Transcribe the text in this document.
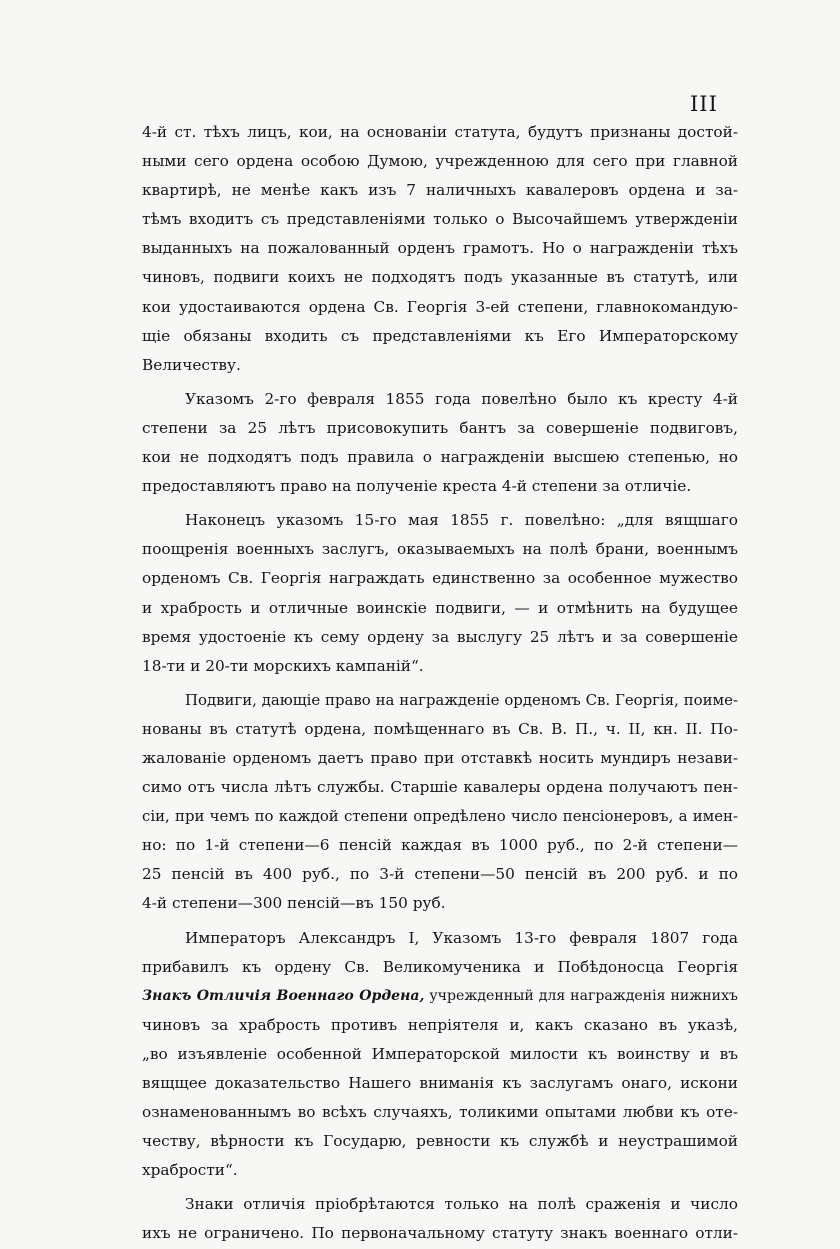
III
4-й ст. тѣхъ лицъ, кои, на основаніи статута, будутъ признаны достой-
ными сего ордена особою Думою, учрежденною для сего при главной
квартирѣ, не менѣе какъ изъ 7 наличныхъ кавалеровъ ордена и за-
тѣмъ входитъ съ представленіями только о Высочайшемъ утвержденіи
выданныхъ на пожалованный орденъ грамотъ. Но о награжденіи тѣхъ
чиновъ, подвиги коихъ не подходятъ подъ указанные въ статутѣ, или
кои удостаиваются ордена Св. Георгія 3-ей степени, главнокомандую-
щіе обязаны входить съ представленіями къ Его Императорскому
Величеству.
Указомъ 2-го февраля 1855 года повелѣно было къ кресту 4-й
степени за 25 лѣтъ присовокупить бантъ за совершеніе подвиговъ,
кои не подходятъ подъ правила о награжденіи высшею степенью, но
предоставляютъ право на полученіе креста 4-й степени за отличіе.
Наконецъ указомъ 15-го мая 1855 г. повелѣно: „для вящшаго
поощренія военныхъ заслугъ, оказываемыхъ на полѣ брани, военнымъ
орденомъ Св. Георгія награждать единственно за особенное мужество
и храбрость и отличные воинскіе подвиги, — и отмѣнить на будущее
время удостоеніе къ сему ордену за выслугу 25 лѣтъ и за совершеніе
18-ти и 20-ти морскихъ кампаній“.
Подвиги, дающіе право на награжденіе орденомъ Св. Георгія, поиме-
нованы въ статутѣ ордена, помѣщеннаго въ Св. В. П., ч. II, кн. II. По-
жалованіе орденомъ даетъ право при отставкѣ носить мундиръ незави-
симо отъ числа лѣтъ службы. Старшіе кавалеры ордена получаютъ пен-
сіи, при чемъ по каждой степени опредѣлено число пенсіонеровъ, а имен-
но: по 1-й степени—6 пенсій каждая въ 1000 руб., по 2-й степени—
25 пенсій въ 400 руб., по 3-й степени—50 пенсій въ 200 руб. и по
4-й степени—300 пенсій—въ 150 руб.
Императоръ Александръ I, Указомъ 13-го февраля 1807 года
прибавилъ къ ордену Св. Великомученика и Побѣдоносца Георгія
Знакъ Отличія Военнаго Ордена, учрежденный для награжденія нижнихъ
чиновъ за храбрость противъ непріятеля и, какъ сказано въ указѣ,
„во изъявленіе особенной Императорской милости къ воинству и въ
вящщее доказательство Нашего вниманія къ заслугамъ онаго, искони
ознаменованнымъ во всѣхъ случаяхъ, толикими опытами любви къ оте-
честву, вѣрности къ Государю, ревности къ службѣ и неустрашимой
храбрости“.
Знаки отличія пріобрѣтаются только на полѣ сраженія и число
ихъ не ограничено. По первоначальному статуту знакъ военнаго отли-
